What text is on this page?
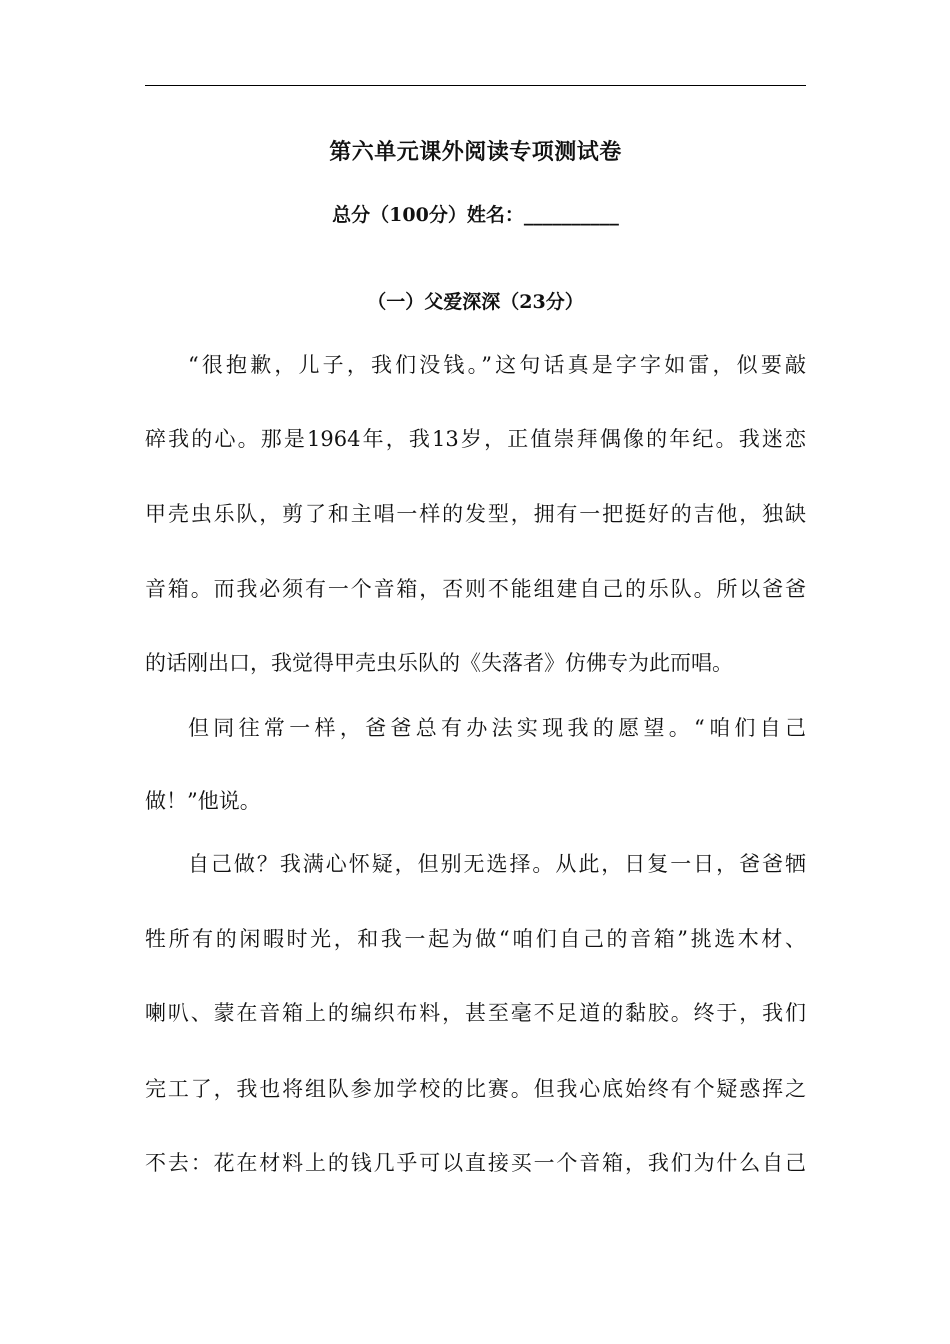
第六单元课外阅读专项测试卷
总分（100分）姓名：__________
（一）父爱深深（23分）
“很抱歉，儿子，我们没钱。”这句话真是字字如雷，似要敲
碎我的心。那是1964年，我13岁，正值崇拜偶像的年纪。我迷恋
甲壳虫乐队，剪了和主唱一样的发型，拥有一把挺好的吉他，独缺
音箱。而我必须有一个音箱，否则不能组建自己的乐队。所以爸爸
的话刚出口，我觉得甲壳虫乐队的《失落者》仿佛专为此而唱。
但同往常一样，爸爸总有办法实现我的愿望。“咱们自己
做！”他说。
自己做？我满心怀疑，但别无选择。从此，日复一日，爸爸牺
牲所有的闲暇时光，和我一起为做“咱们自己的音箱”挑选木材、
喇叭、蒙在音箱上的编织布料，甚至毫不足道的黏胶。终于，我们
完工了，我也将组队参加学校的比赛。但我心底始终有个疑惑挥之
不去：花在材料上的钱几乎可以直接买一个音箱，我们为什么自己
